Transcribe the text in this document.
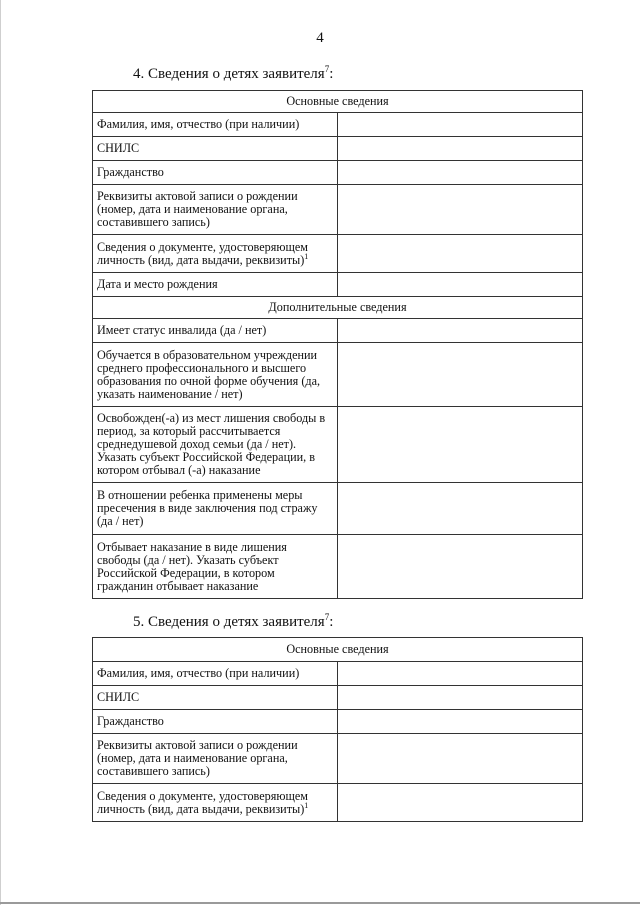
4
4. Сведения о детях заявителя$^7$:
Основные сведения	
Фамилия, имя, отчество (при наличии)	
СНИЛС	
Гражданство	
Реквизиты актовой записи о рождении (номер, дата и наименование органа, составившего запись)	
Сведения о документе, удостоверяющем личность (вид, дата выдачи, реквизиты)$^1$	
Дата и место рождения	
Дополнительные сведения	
Имеет статус инвалида (да / нет)	
Обучается в образовательном учреждении среднего профессионального и высшего образования по очной форме обучения (да, указать наименование / нет)	
Освобожден(-а) из мест лишения свободы в период, за который рассчитывается среднедушевой доход семьи (да / нет). Указать субъект Российской Федерации, в котором отбывал (-а) наказание	
В отношении ребенка применены меры пресечения в виде заключения под стражу (да / нет)	
Отбывает наказание в виде лишения свободы (да / нет). Указать субъект Российской Федерации, в котором гражданин отбывает наказание	
5. Сведения о детях заявителя$^7$:
Основные сведения	
Фамилия, имя, отчество (при наличии)	
СНИЛС	
Гражданство	
Реквизиты актовой записи о рождении (номер, дата и наименование органа, составившего запись)	
Сведения о документе, удостоверяющем личность (вид, дата выдачи, реквизиты)$^1$	
